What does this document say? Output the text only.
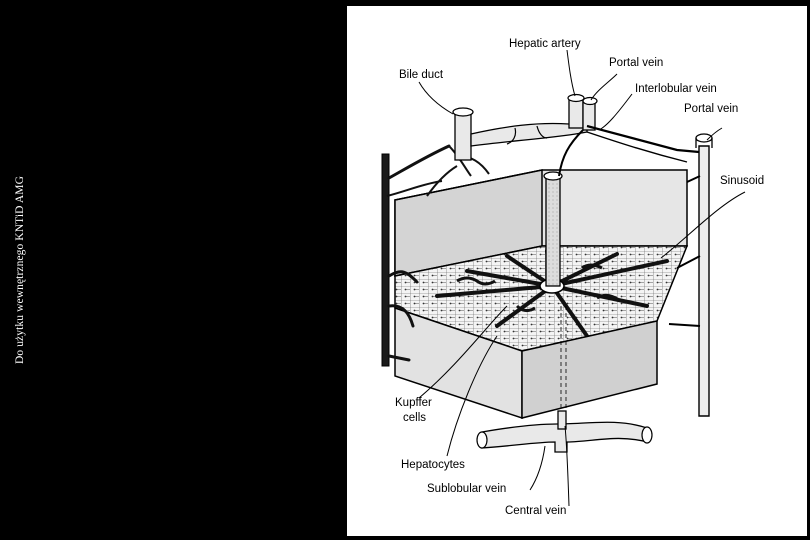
Do użytku wewnętrznego KNTiD AMG
Hepatic artery
Portal vein
Bile duct
Interlobular vein
Portal vein
Sinusoid
Kupffer
cells
Hepatocytes
Sublobular vein
Central vein
